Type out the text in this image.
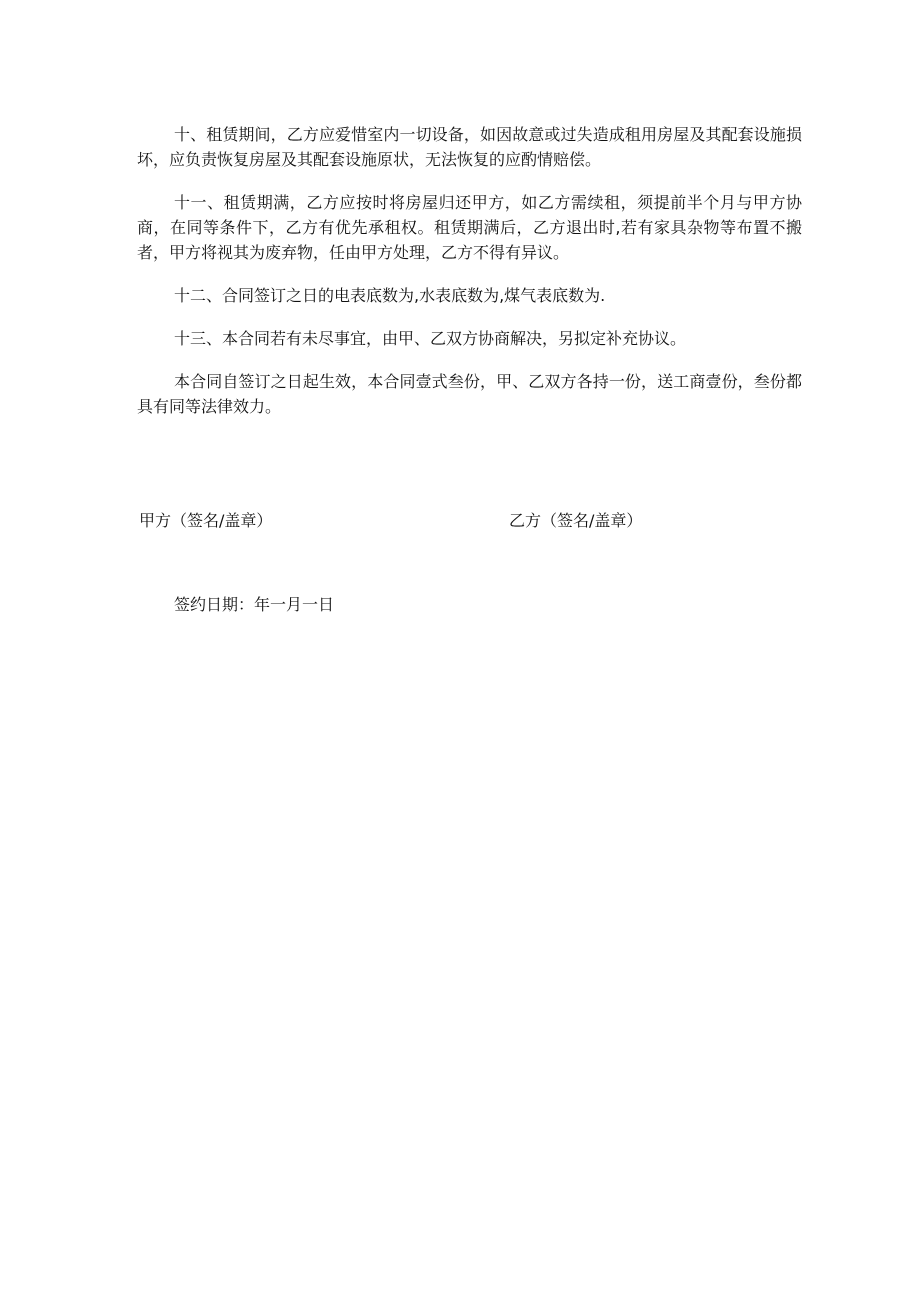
十、租赁期间，乙方应爱惜室内一切设备，如因故意或过失造成租用房屋及其配套设施损坏，应负责恢复房屋及其配套设施原状，无法恢复的应酌情赔偿。

十一、租赁期满，乙方应按时将房屋归还甲方，如乙方需续租，须提前半个月与甲方协商，在同等条件下，乙方有优先承租权。租赁期满后，乙方退出时,若有家具杂物等布置不搬者，甲方将视其为废弃物，任由甲方处理，乙方不得有异议。

十二、合同签订之日的电表底数为,水表底数为,煤气表底数为.

十三、本合同若有未尽事宜，由甲、乙双方协商解决，另拟定补充协议。

本合同自签订之日起生效，本合同壹式叁份，甲、乙双方各持一份，送工商壹份，叁份都具有同等法律效力。

甲方（签名/盖章）	乙方（签名/盖章）
签约日期：年一月一日
